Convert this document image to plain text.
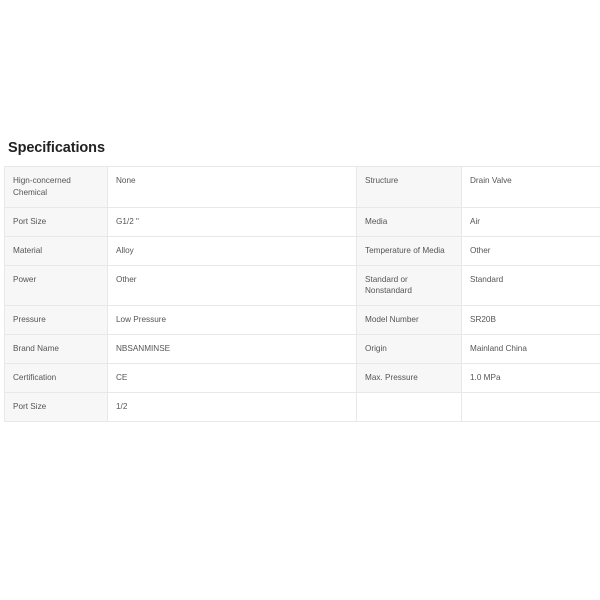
Specifications
Hign-concerned Chemical	None	Structure	Drain Valve
Port Size	G1/2 "	Media	Air
Material	Alloy	Temperature of Media	Other
Power	Other	Standard or Nonstandard	Standard
Pressure	Low Pressure	Model Number	SR20B
Brand Name	NBSANMINSE	Origin	Mainland China
Certification	CE	Max. Pressure	1.0 MPa
Port Size	1/2		
